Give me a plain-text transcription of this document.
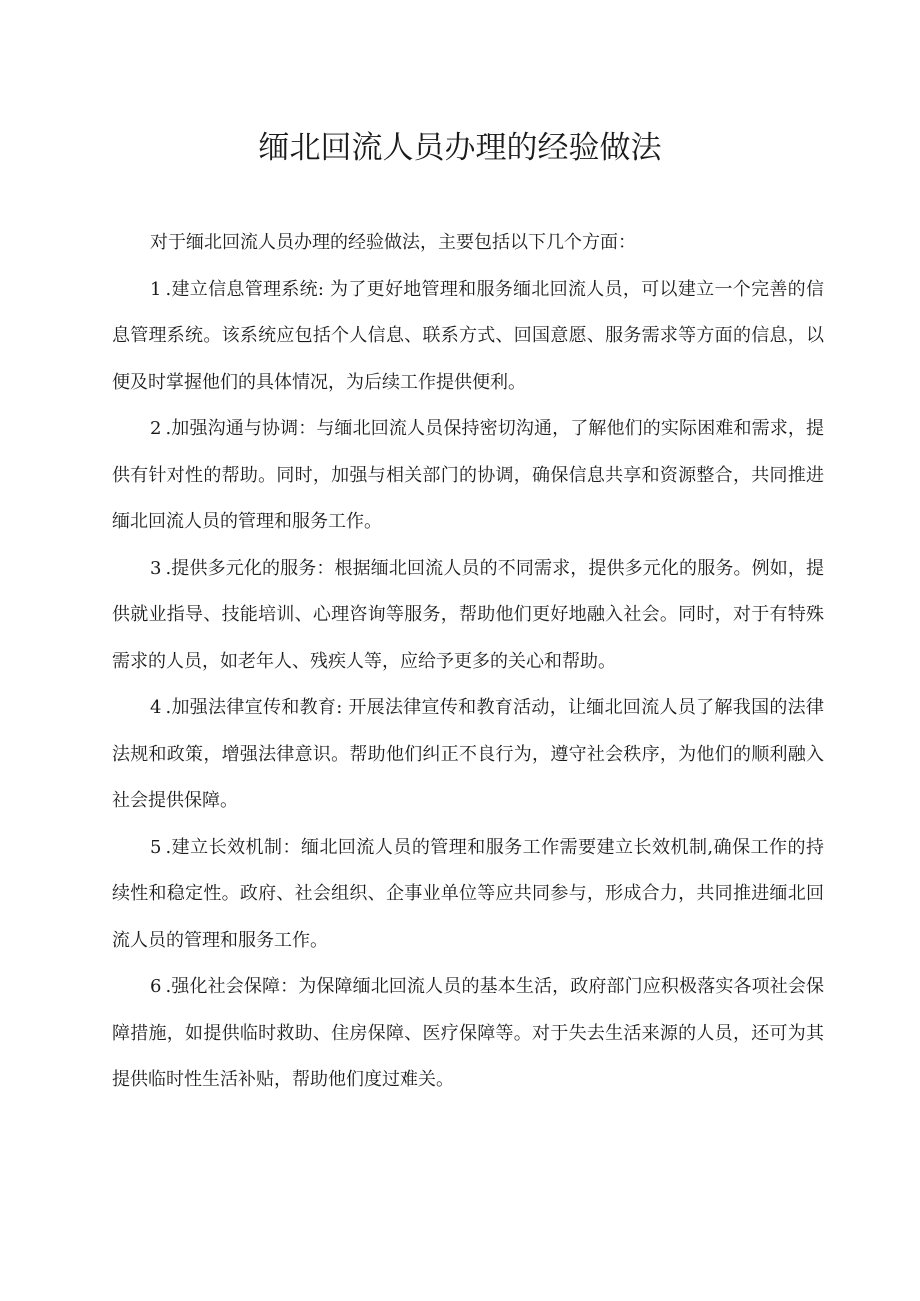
缅北回流人员办理的经验做法

对于缅北回流人员办理的经验做法，主要包括以下几个方面：

1 .建立信息管理系统: 为了更好地管理和服务缅北回流人员，可以建立一个完善的信息管理系统。该系统应包括个人信息、联系方式、回国意愿、服务需求等方面的信息，以便及时掌握他们的具体情况，为后续工作提供便利。

2 .加强沟通与协调：与缅北回流人员保持密切沟通，了解他们的实际困难和需求，提供有针对性的帮助。同时，加强与相关部门的协调，确保信息共享和资源整合，共同推进缅北回流人员的管理和服务工作。

3 .提供多元化的服务：根据缅北回流人员的不同需求，提供多元化的服务。例如，提供就业指导、技能培训、心理咨询等服务，帮助他们更好地融入社会。同时，对于有特殊需求的人员，如老年人、残疾人等，应给予更多的关心和帮助。

4 .加强法律宣传和教育: 开展法律宣传和教育活动，让缅北回流人员了解我国的法律法规和政策，增强法律意识。帮助他们纠正不良行为，遵守社会秩序，为他们的顺利融入社会提供保障。

5 .建立长效机制：缅北回流人员的管理和服务工作需要建立长效机制,确保工作的持续性和稳定性。政府、社会组织、企事业单位等应共同参与，形成合力，共同推进缅北回流人员的管理和服务工作。

6 .强化社会保障：为保障缅北回流人员的基本生活，政府部门应积极落实各项社会保障措施，如提供临时救助、住房保障、医疗保障等。对于失去生活来源的人员，还可为其提供临时性生活补贴，帮助他们度过难关。
